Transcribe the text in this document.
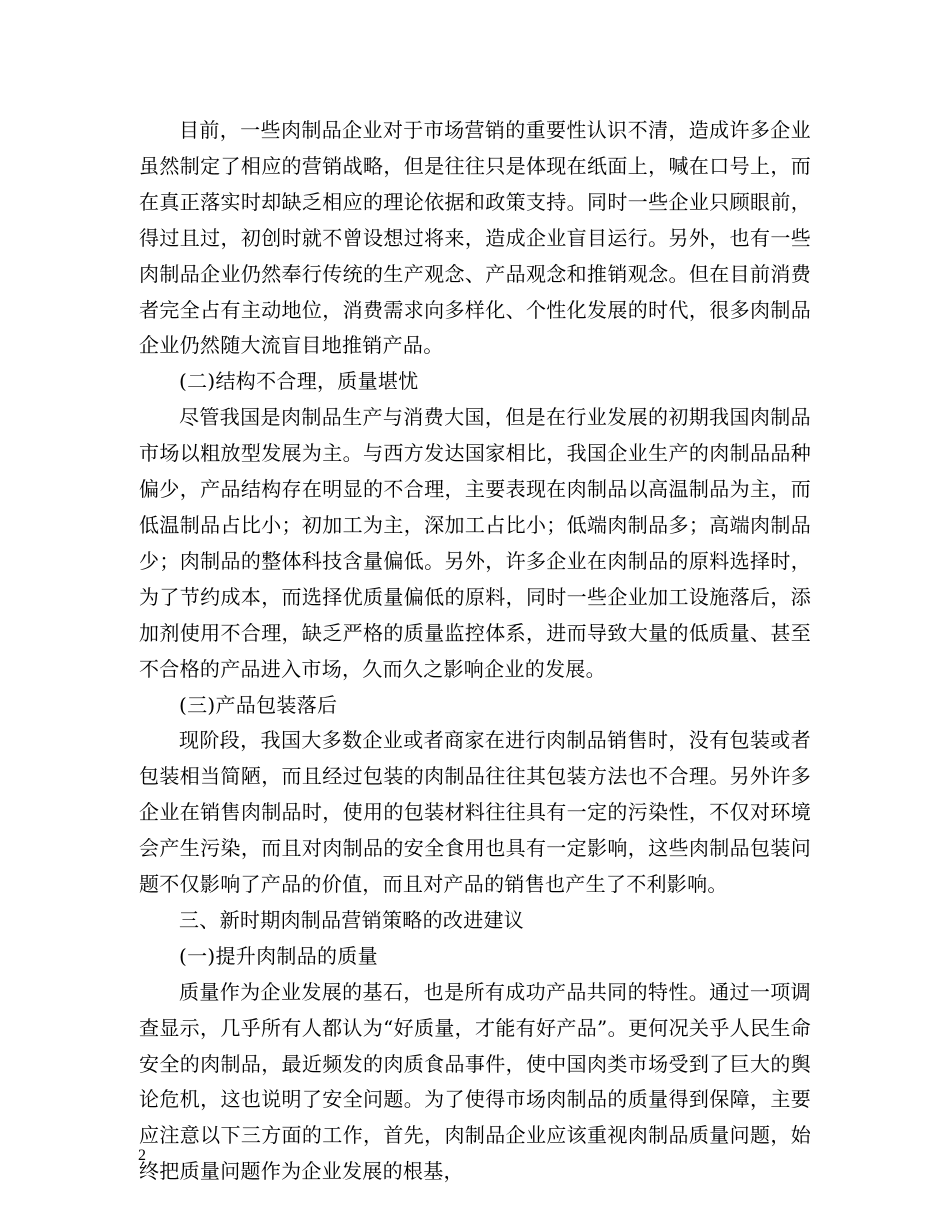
目前，一些肉制品企业对于市场营销的重要性认识不清，造成许多企业虽然制定了相应的营销战略，但是往往只是体现在纸面上，喊在口号上，而在真正落实时却缺乏相应的理论依据和政策支持。同时一些企业只顾眼前，得过且过，初创时就不曾设想过将来，造成企业盲目运行。另外，也有一些肉制品企业仍然奉行传统的生产观念、产品观念和推销观念。但在目前消费者完全占有主动地位，消费需求向多样化、个性化发展的时代，很多肉制品企业仍然随大流盲目地推销产品。

(二)结构不合理，质量堪忧

尽管我国是肉制品生产与消费大国，但是在行业发展的初期我国肉制品市场以粗放型发展为主。与西方发达国家相比，我国企业生产的肉制品品种偏少，产品结构存在明显的不合理，主要表现在肉制品以高温制品为主，而低温制品占比小；初加工为主，深加工占比小；低端肉制品多；高端肉制品少；肉制品的整体科技含量偏低。另外，许多企业在肉制品的原料选择时，为了节约成本，而选择优质量偏低的原料，同时一些企业加工设施落后，添加剂使用不合理，缺乏严格的质量监控体系，进而导致大量的低质量、甚至不合格的产品进入市场，久而久之影响企业的发展。

(三)产品包装落后

现阶段，我国大多数企业或者商家在进行肉制品销售时，没有包装或者包装相当简陋，而且经过包装的肉制品往往其包装方法也不合理。另外许多企业在销售肉制品时，使用的包装材料往往具有一定的污染性，不仅对环境会产生污染，而且对肉制品的安全食用也具有一定影响，这些肉制品包装问题不仅影响了产品的价值，而且对产品的销售也产生了不利影响。

三、新时期肉制品营销策略的改进建议

(一)提升肉制品的质量

质量作为企业发展的基石，也是所有成功产品共同的特性。通过一项调查显示，几乎所有人都认为“好质量，才能有好产品”。更何况关乎人民生命安全的肉制品，最近频发的肉质食品事件，使中国肉类市场受到了巨大的舆论危机，这也说明了安全问题。为了使得市场肉制品的质量得到保障，主要应注意以下三方面的工作，首先，肉制品企业应该重视肉制品质量问题，始终把质量问题作为企业发展的根基，

2
